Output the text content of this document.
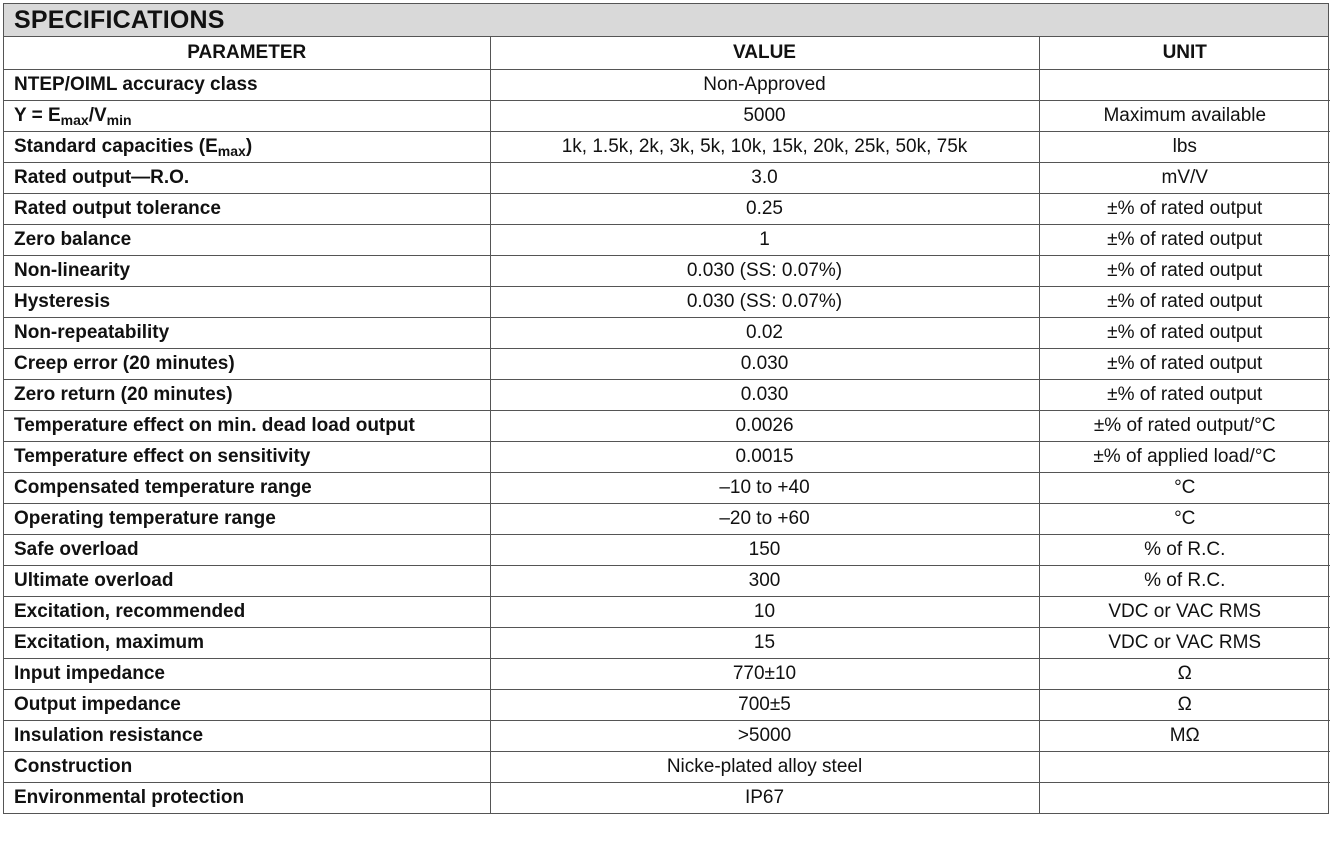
SPECIFICATIONS
PARAMETER	VALUE	UNIT
NTEP/OIML accuracy class	Non-Approved	
$Y = E_{max}/V_{min}$	5000	Maximum available
Standard capacities $(E_{max})$	1k, 1.5k, 2k, 3k, 5k, 10k, 15k, 20k, 25k, 50k, 75k	lbs
Rated output—R.O.	3.0	mV/V
Rated output tolerance	0.25	±% of rated output
Zero balance	1	±% of rated output
Non-linearity	0.030 (SS: 0.07%)	±% of rated output
Hysteresis	0.030 (SS: 0.07%)	±% of rated output
Non-repeatability	0.02	±% of rated output
Creep error (20 minutes)	0.030	±% of rated output
Zero return (20 minutes)	0.030	±% of rated output
Temperature effect on min. dead load output	0.0026	±% of rated output/°C
Temperature effect on sensitivity	0.0015	±% of applied load/°C
Compensated temperature range	–10 to +40	°C
Operating temperature range	–20 to +60	°C
Safe overload	150	% of R.C.
Ultimate overload	300	% of R.C.
Excitation, recommended	10	VDC or VAC RMS
Excitation, maximum	15	VDC or VAC RMS
Input impedance	770±10	Ω
Output impedance	700±5	Ω
Insulation resistance	>5000	MΩ
Construction	Nicke-plated alloy steel	
Environmental protection	IP67	
